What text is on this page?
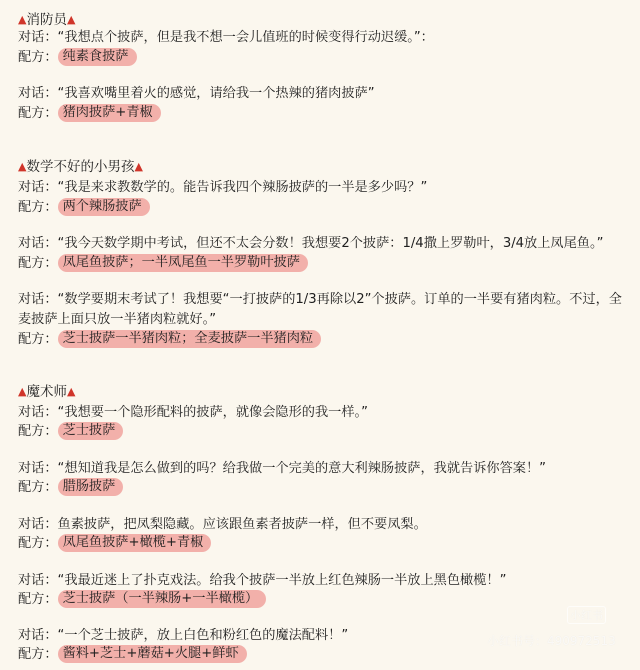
▲消防员▲
对话：“我想点个披萨，但是我不想一会儿值班的时候变得行动迟缓。”：
配方： 纯素食披萨
对话：“我喜欢嘴里着火的感觉，请给我一个热辣的猪肉披萨”
配方： 猪肉披萨+青椒
▲数学不好的小男孩▲
对话：“我是来求教数学的。能告诉我四个辣肠披萨的一半是多少吗？”
配方： 两个辣肠披萨
对话：“我今天数学期中考试，但还不太会分数！我想要2个披萨：1/4撒上罗勒叶，3/4放上凤尾鱼。”
配方： 凤尾鱼披萨；一半凤尾鱼一半罗勒叶披萨
对话：“数学要期末考试了！我想要“一打披萨的1/3再除以2”个披萨。订单的一半要有猪肉粒。不过，全麦披萨上面只放一半猪肉粒就好。”
配方： 芝士披萨一半猪肉粒；全麦披萨一半猪肉粒
▲魔术师▲
对话：“我想要一个隐形配料的披萨，就像会隐形的我一样。”
配方： 芝士披萨
对话：“想知道我是怎么做到的吗？给我做一个完美的意大利辣肠披萨，我就告诉你答案！”
配方： 腊肠披萨
对话：鱼素披萨，把凤梨隐藏。应该跟鱼素者披萨一样，但不要凤梨。
配方： 凤尾鱼披萨+橄榄+青椒
对话：“我最近迷上了扑克戏法。给我个披萨一半放上红色辣肠一半放上黑色橄榄！”
配方： 芝士披萨（一半辣肠+一半橄榄）
对话：“一个芝士披萨，放上白色和粉红色的魔法配料！”
配方： 酱料+芝士+蘑菇+火腿+鲜虾
小红书
小红书号：490972513
